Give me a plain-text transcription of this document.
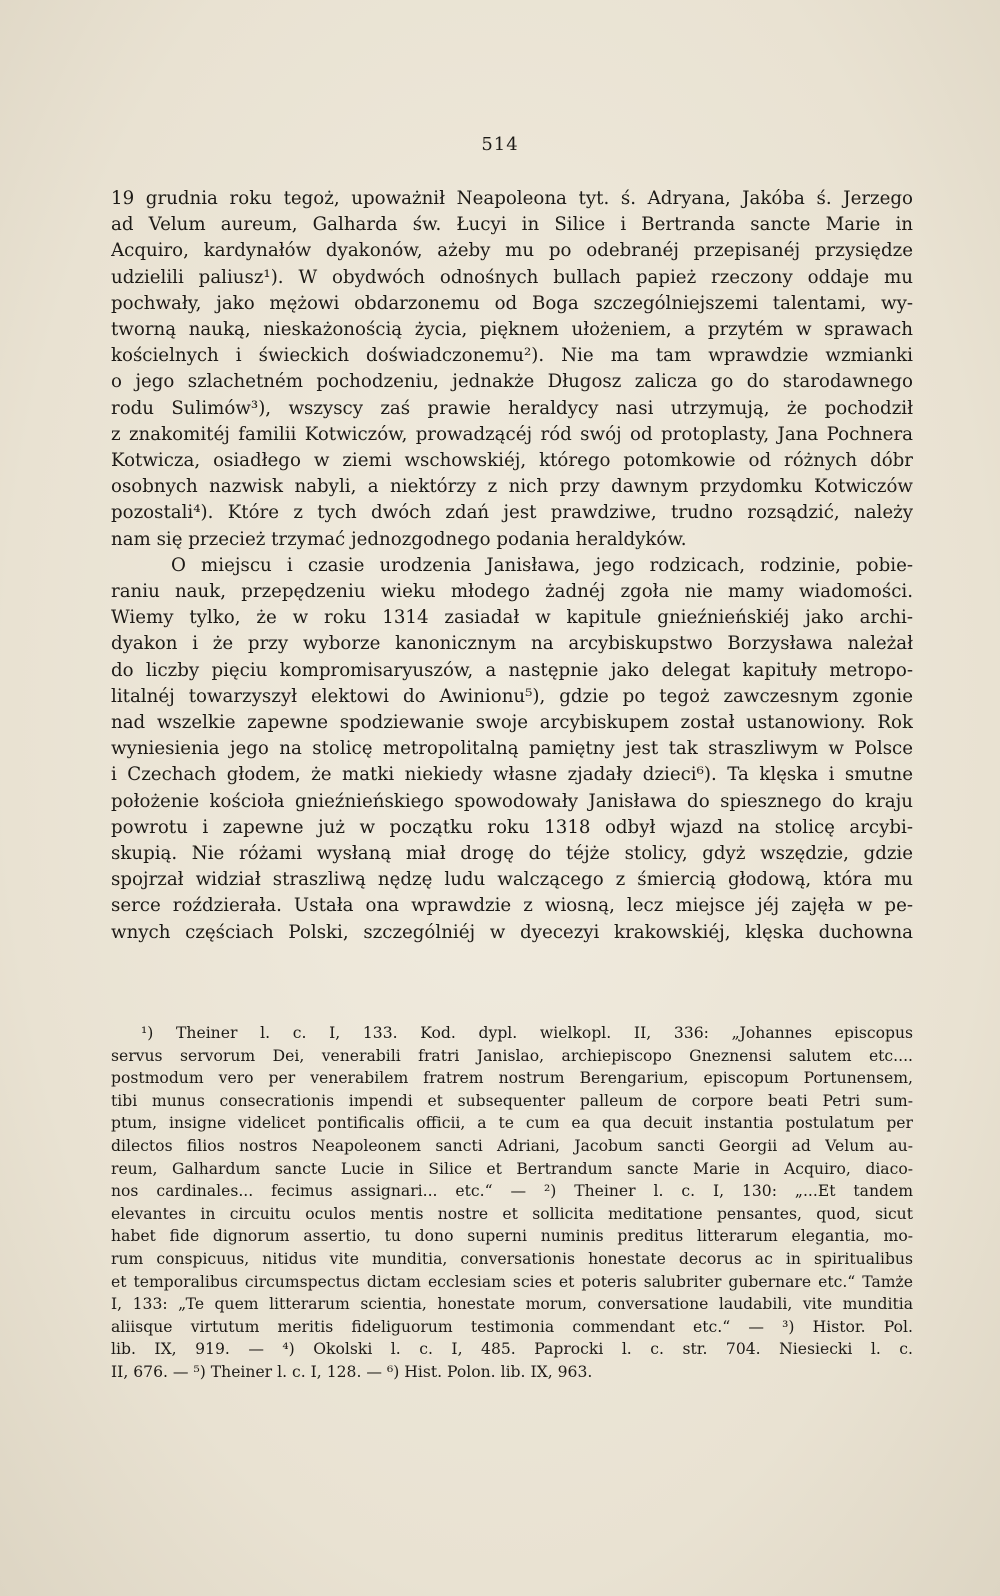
514
19 grudnia roku tegoż, upoważnił Neapoleona tyt. ś. Adryana, Jakóba ś. Jerzego
ad Velum aureum, Galharda św. Łucyi in Silice i Bertranda sancte Marie in
Acquiro, kardynałów dyakonów, ażeby mu po odebranéj przepisanéj przysiędze
udzielili paliusz¹). W obydwóch odnośnych bullach papież rzeczony oddaje mu
pochwały, jako mężowi obdarzonemu od Boga szczególniejszemi talentami, wy-
tworną nauką, nieskażonością życia, pięknem ułożeniem, a przytém w sprawach
kościelnych i świeckich doświadczonemu²). Nie ma tam wprawdzie wzmianki
o jego szlachetném pochodzeniu, jednakże Długosz zalicza go do starodawnego
rodu Sulimów³), wszyscy zaś prawie heraldycy nasi utrzymują, że pochodził
z znakomitéj familii Kotwiczów, prowadzącéj ród swój od protoplasty, Jana Pochnera
Kotwicza, osiadłego w ziemi wschowskiéj, którego potomkowie od różnych dóbr
osobnych nazwisk nabyli, a niektórzy z nich przy dawnym przydomku Kotwiczów
pozostali⁴). Które z tych dwóch zdań jest prawdziwe, trudno rozsądzić, należy
nam się przecież trzymać jednozgodnego podania heraldyków.
O miejscu i czasie urodzenia Janisława, jego rodzicach, rodzinie, pobie-
raniu nauk, przepędzeniu wieku młodego żadnéj zgoła nie mamy wiadomości.
Wiemy tylko, że w roku 1314 zasiadał w kapitule gnieźnieńskiéj jako archi-
dyakon i że przy wyborze kanonicznym na arcybiskupstwo Borzysława należał
do liczby pięciu kompromisaryuszów, a następnie jako delegat kapituły metropo-
litalnéj towarzyszył elektowi do Awinionu⁵), gdzie po tegoż zawczesnym zgonie
nad wszelkie zapewne spodziewanie swoje arcybiskupem został ustanowiony. Rok
wyniesienia jego na stolicę metropolitalną pamiętny jest tak straszliwym w Polsce
i Czechach głodem, że matki niekiedy własne zjadały dzieci⁶). Ta klęska i smutne
położenie kościoła gnieźnieńskiego spowodowały Janisława do spiesznego do kraju
powrotu i zapewne już w początku roku 1318 odbył wjazd na stolicę arcybi-
skupią. Nie różami wysłaną miał drogę do téjże stolicy, gdyż wszędzie, gdzie
spojrzał widział straszliwą nędzę ludu walczącego z śmiercią głodową, która mu
serce roździerała. Ustała ona wprawdzie z wiosną, lecz miejsce jéj zajęła w pe-
wnych częściach Polski, szczególniéj w dyecezyi krakowskiéj, klęska duchowna
¹) Theiner l. c. I, 133. Kod. dypl. wielkopl. II, 336: „Johannes episcopus
servus servorum Dei, venerabili fratri Janislao, archiepiscopo Gneznensi salutem etc....
postmodum vero per venerabilem fratrem nostrum Berengarium, episcopum Portunensem,
tibi munus consecrationis impendi et subsequenter palleum de corpore beati Petri sum-
ptum, insigne videlicet pontificalis officii, a te cum ea qua decuit instantia postulatum per
dilectos filios nostros Neapoleonem sancti Adriani, Jacobum sancti Georgii ad Velum au-
reum, Galhardum sancte Lucie in Silice et Bertrandum sancte Marie in Acquiro, diaco-
nos cardinales... fecimus assignari... etc.“ — ²) Theiner l. c. I, 130: „...Et tandem
elevantes in circuitu oculos mentis nostre et sollicita meditatione pensantes, quod, sicut
habet fide dignorum assertio, tu dono superni numinis preditus litterarum elegantia, mo-
rum conspicuus, nitidus vite munditia, conversationis honestate decorus ac in spiritualibus
et temporalibus circumspectus dictam ecclesiam scies et poteris salubriter gubernare etc.“ Tamże
I, 133: „Te quem litterarum scientia, honestate morum, conversatione laudabili, vite munditia
aliisque virtutum meritis fideliguorum testimonia commendant etc.“ — ³) Histor. Pol.
lib. IX, 919. — ⁴) Okolski l. c. I, 485. Paprocki l. c. str. 704. Niesiecki l. c.
II, 676. — ⁵) Theiner l. c. I, 128. — ⁶) Hist. Polon. lib. IX, 963.
